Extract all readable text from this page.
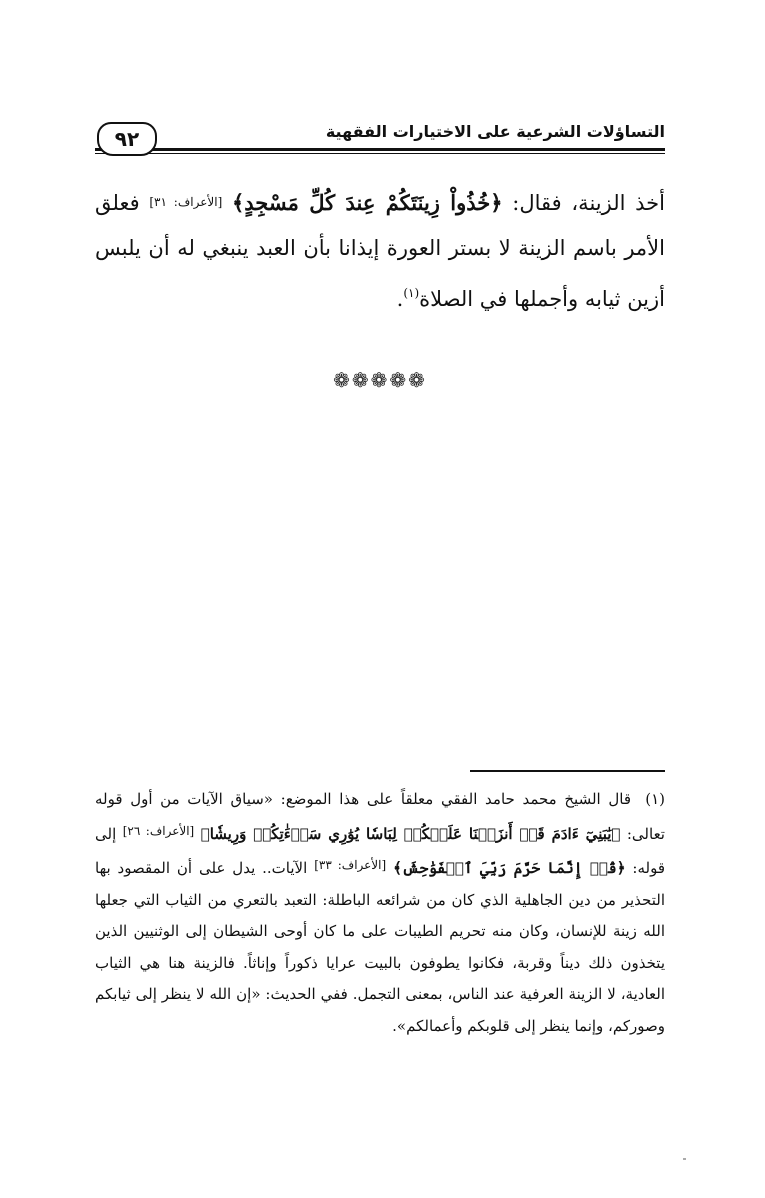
التساؤلات الشرعية على الاختيارات الفقهية
٩٢

أخذ الزينة، فقال: ﴿خُذُواْ زِينَتَكُمْ عِندَ كُلِّ مَسْجِدٍ﴾ [الأعراف: ٣١] فعلق الأمر باسم الزينة لا بستر العورة إيذانا بأن العبد ينبغي له أن يلبس أزين ثيابه وأجملها في الصلاة$^{(١)}$.

❁❁❁❁❁

(١)قال الشيخ محمد حامد الفقي معلقاً على هذا الموضع: «سياق الآيات من أول قوله تعالى: ﴿يَٰبَنِيٓ ءَادَمَ قَدۡ أَنزَلۡنَا عَلَيۡكُمۡ لِبَاسٗا يُوَٰرِي سَوۡءَٰتِكُمۡ وَرِيشٗا﴾ [الأعراف: ٢٦] إلى قوله: ﴿قُلۡ إِنَّمَا حَرَّمَ رَبِّيَ ٱلۡفَوَٰحِشَ﴾ [الأعراف: ٣٣] الآيات.. يدل على أن المقصود بها التحذير من دين الجاهلية الذي كان من شرائعه الباطلة: التعبد بالتعري من الثياب التي جعلها الله زينة للإنسان، وكان منه تحريم الطيبات على ما كان أوحى الشيطان إلى الوثنيين الذين يتخذون ذلك ديناً وقربة، فكانوا يطوفون بالبيت عرايا ذكوراً وإناثاً. فالزينة هنا هي الثياب العادية، لا الزينة العرفية عند الناس، بمعنى التجمل. ففي الحديث: «إن الله لا ينظر إلى ثيابكم وصوركم، وإنما ينظر إلى قلوبكم وأعمالكم».
